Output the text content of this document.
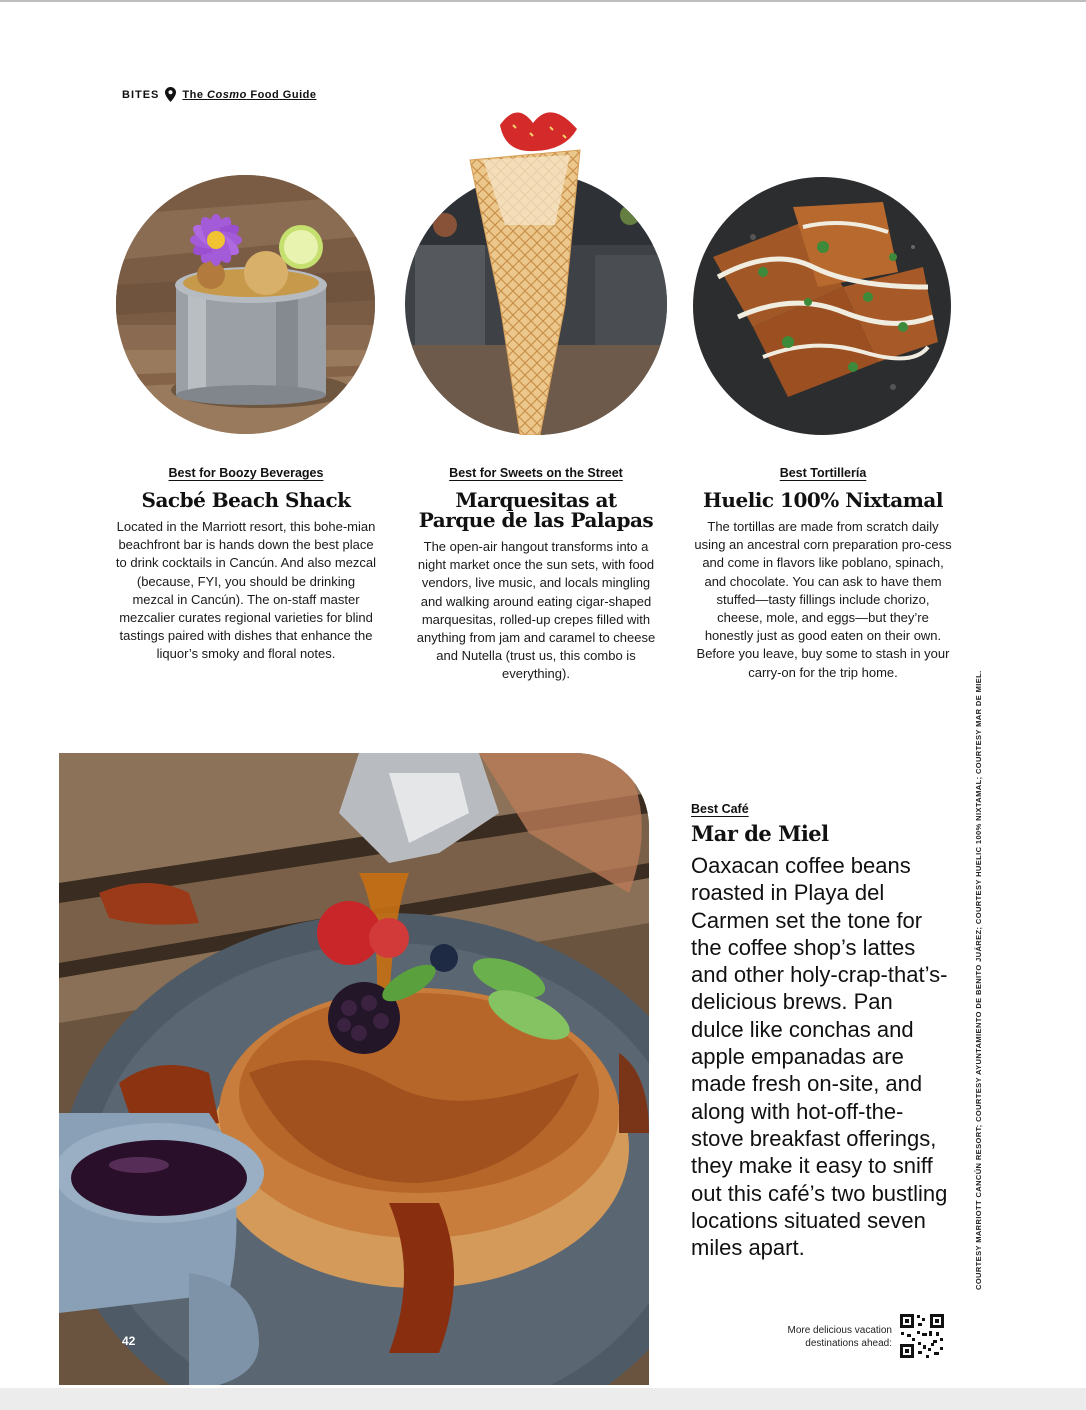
BITES The Cosmo Food Guide
Best for Boozy Beverages
Sacbé Beach Shack
Located in the Marriott resort, this bohe-mian beachfront bar is hands down the best place to drink cocktails in Cancún. And also mezcal (because, FYI, you should be drinking mezcal in Cancún). The on-staff master mezcalier curates regional varieties for blind tastings paired with dishes that enhance the liquor’s smoky and floral notes.
Best for Sweets on the Street
Marquesitas at Parque de las Palapas
The open-air hangout transforms into a night market once the sun sets, with food vendors, live music, and locals mingling and walking around eating cigar-shaped marquesitas, rolled-up crepes filled with anything from jam and caramel to cheese and Nutella (trust us, this combo is everything).
Best Tortillería
Huelic 100% Nixtamal
The tortillas are made from scratch daily using an ancestral corn preparation pro-cess and come in flavors like poblano, spinach, and chocolate. You can ask to have them stuffed—tasty fillings include chorizo, cheese, mole, and eggs—but they’re honestly just as good eaten on their own. Before you leave, buy some to stash in your carry-on for the trip home.
42
Best Café
Mar de Miel
Oaxacan coffee beans roasted in Playa del Carmen set the tone for the coffee shop’s lattes and other holy-crap-that’s-delicious brews. Pan dulce like conchas and apple empanadas are made fresh on-site, and along with hot-off-the-stove breakfast offerings, they make it easy to sniff out this café’s two bustling locations situated seven miles apart.	COURTESY MARRIOTT CANCÚN RESORT; COURTESY AYUNTAMIENTO DE BENITO JUÁREZ; COURTESY HUELIC 100% NIXTAMAL; COURTESY MAR DE MIEL.
More delicious vacation destinations ahead:
